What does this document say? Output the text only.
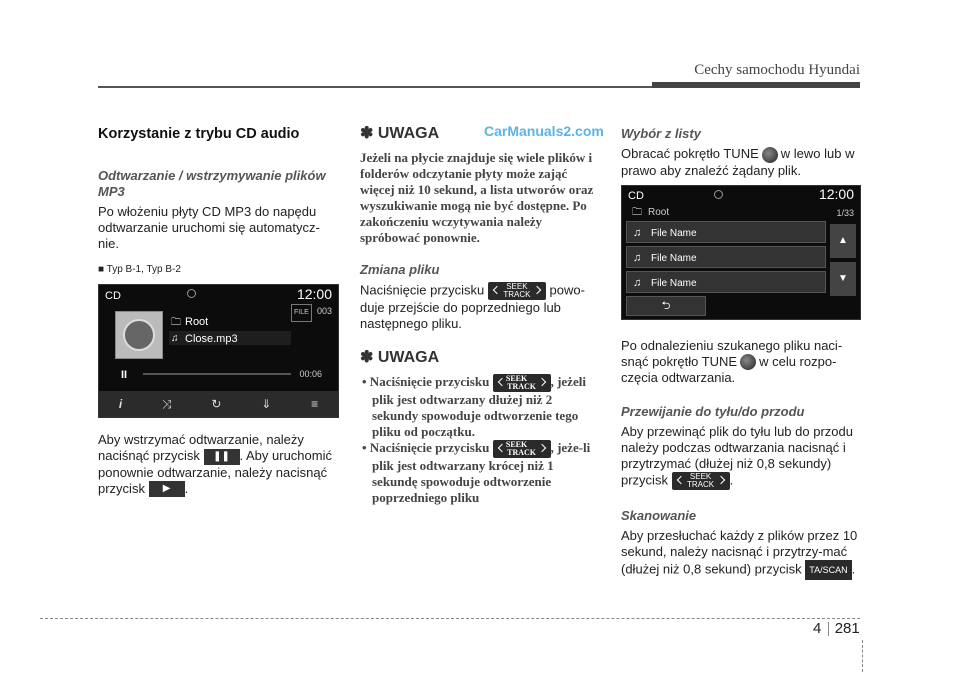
Cechy samochodu Hyundai
CarManuals2.com
Korzystanie z trybu CD audio
Odtwarzanie / wstrzymywanie plików MP3

Po włożeniu płyty CD MP3 do napędu odtwarzanie uruchomi się automatycz-nie.

■ Typ B-1, Typ B-2
CD	12:00
FILE 003
🗀 Root
♫ Close.mp3
II	00:06
i	⤨	↻	⇓	≡

Aby wstrzymać odtwarzanie, należy naciśnąć przycisk ❚❚ . Aby uruchomić ponownie odtwarzanie, należy nacisnąć przycisk ▶ .

✽ UWAGA

Jeżeli na płycie znajduje się wiele plików i folderów odczytanie płyty może zająć więcej niż 10 sekund, a lista utworów oraz wyszukiwanie mogą nie być dostępne. Po zakończeniu wczytywania należy spróbować ponownie.

Zmiana pliku

Naciśnięcie przycisku	SEEK
TRACK powo-duje przejście do poprzedniego lub następnego pliku.

✽ UWAGA

• Naciśnięcie przycisku SEEK
TRACK , jeżeli plik jest odtwarzany dłużej niż 2 sekundy spowoduje odtworzenie tego pliku od początku.

• Naciśnięcie przycisku SEEK
TRACK , jeże-li plik jest odtwarzany krócej niż 1 sekundę spowoduje odtworzenie poprzedniego pliku

Wybór z listy

Obracać pokrętło TUNE w lewo lub w prawo aby znaleźć żądany plik.

CD	12:00
🗀 Root	1/33
♫ File Name
♫ File Name
♫ File Name
⮌
▲
▼

Po odnalezieniu szukanego pliku naci-snąć pokrętło TUNE w celu rozpo-częcia odtwarzania.

Przewijanie do tyłu/do przodu

Aby przewinąć plik do tyłu lub do przodu należy podczas odtwarzania nacisnąć i przytrzymać (dłużej niż 0,8 sekundy) przycisk	SEEK
TRACK .

Skanowanie

Aby przesłuchać każdy z plików przez 10 sekund, należy nacisnąć i przytrzy-mać (dłużej niż 0,8 sekund) przycisk TA/SCAN .

4 281
